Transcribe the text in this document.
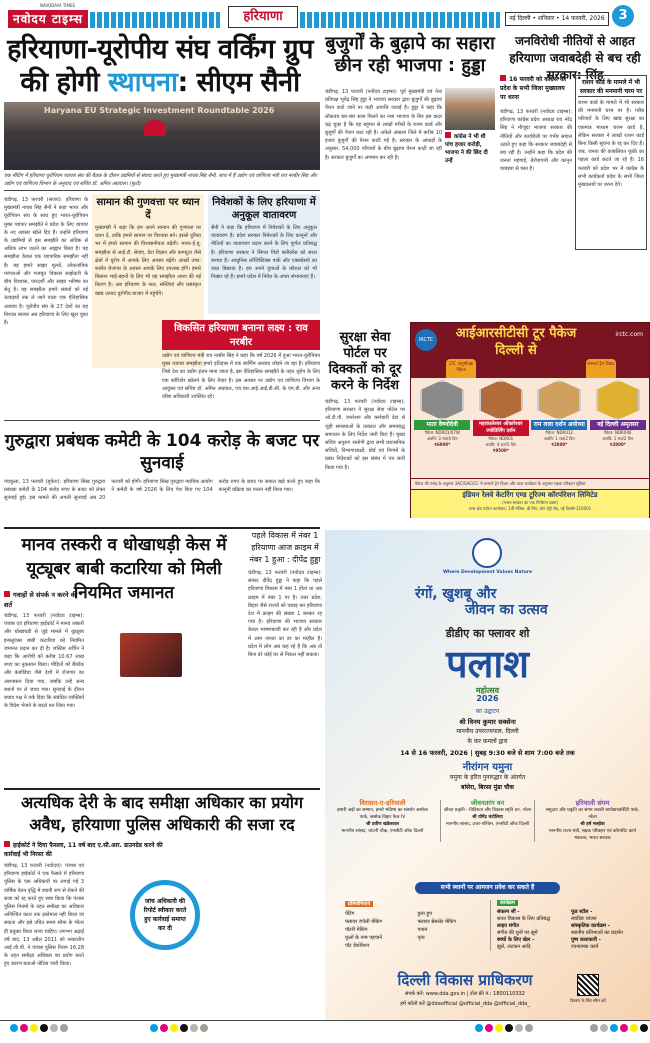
NAVODAYA TIMES
नवोदय टाइम्स	हरियाणा	नई दिल्ली • शनिवार • 14 फरवरी, 2026	3
हरियाणा-यूरोपीय संघ वर्किंग ग्रुप
की होगी स्थापना: सीएम सैनी
Haryana EU Strategic Investment Roundtable 2026
एक मीटिंग में हरियाणा यूरोपियन व्यापार संघ की बैठक के दौरान उद्यमियों से संवाद करते हुए मुख्यमंत्री नायब सिंह सैनी, साथ में हैं उद्योग एवं वाणिज्य मंत्री राव नरबीर सिंह और उद्योग एवं वाणिज्य विभाग के अनुवाद एवं सचिव डॉ. अमित अग्रवाल। (फूटो)
चंडीगढ़, 13 फरवरी (संजय): हरियाणा के मुख्यमंत्री नायब सिंह सैनी ने कहा भारत और यूरोपियन संघ के साथ हुए भारत-यूरोपियन मुक्त व्यापार समझौते ने प्रदेश के लिए व्यापार के नए अवसर खोले दिए हैं। उन्होंने हरियाणा के उद्यमियों से इस समझौते का अधिक से अधिक लाभ उठाने का आह्वान किया है। यह समझौता केवल एक व्यापारिक समझौता नहीं है। यह हमारे साझा मूल्यों, लोकतांत्रिक परंपराओं और मजबूत विकास साझेदारी के बीच विश्वास, पारदर्शी और साझा भविष्य का सेतु है। यह समझौता हमारे संबंधों को नई ऊंचाइयों तक ले जाने वाला एक ऐतिहासिक अध्याय है। यूरोपीय संघ के 27 देशों का यह विशाल बाजार अब हरियाणा के लिए खुल चुका है।
सामान की गुणवत्ता पर ध्यान दें
मुख्यमंत्री ने कहा कि हम अपने सामान की गुणवत्ता पर ध्यान दें, ताकि हमारे सामान पर विश्वास बने। इससे दुनिया भर में हमारे सामान की विश्वसनीयता बढ़ेगी। भारत-ई.यू. समझौता से आई.टी. सेवाएं, डेटा विज्ञान और कम्प्यूटर जैसे क्षेत्रों में यूरोप में आपके लिए अवसर बढ़ेंगे। लाखों उच्च-स्तरीय रोजगार के अवसर आपके लिए उपलब्ध होंगे। हमारे किसान भाई-बहनों के लिए भी यह समझौता आशा की नई किरण है। अब हरियाणा के फल, सब्जियां और प्रसंस्कृत खाद्य उत्पाद यूरोपीय बाजार में पहुंचेंगे।
निवेशकों के लिए हरियाणा में अनुकूल वातावरण
सैनी ने कहा कि हरियाणा में निवेशकों के लिए अनुकूल वातावरण है। प्रदेश सरकार निवेशकों के लिए कानूनों और नीतियों का वातावरण प्रदान करने के लिए पूर्णतः प्रतिबद्ध है। हरियाणा सरकार ने सिंगल विंडो क्लीयरेंस को सरल बनाया है। आधुनिक लॉजिस्टिक्स पार्क और एक्सप्रेसवे का जाल बिछाया है। हम अपने युवाओं के कौशल को भी निखार रहे हैं। हमारे प्रदेश में निवेश के अपार संभावनाएं हैं।
विकसित हरियाणा बनाना लक्ष्य : राव नरबीर
उद्योग एवं वाणिज्य मंत्री राव नरबीर सिंह ने कहा कि वर्ष 2026 में हुआ भारत-यूरोपियन मुक्त व्यापार समझौता हमारे इतिहास में एक स्वर्णिम अध्याय जोड़ने जा रहा है। हरियाणा जिसे देश का उद्योग इंजन माना जाता है, इस ऐतिहासिक समझौते के तहत यूरोप के लिए एक कॉरिडोर खोलने के लिए तैयार है। इस अवसर पर उद्योग एवं वाणिज्य विभाग के आयुक्त एवं सचिव डॉ. अमित अग्रवाल, एच.एस.आई.आई.डी.सी. के एम.डी. और अन्य वरिष्ठ अधिकारी उपस्थित रहे।
बुजुर्गों के बुढ़ापे का सहारा छीन रही भाजपा : हुड्डा
चंडीगढ़, 13 फरवरी (नवोदय टाइम्स): पूर्व मुख्यमंत्री एवं नेता प्रतिपक्ष भूपेंद्र सिंह हुड्डा ने भाजपा सरकार द्वारा बुजुर्गों की बुढ़ापा पेंशन काटे जाने पर कड़ी आपत्ति जताई है। हुड्डा ने कहा कि लोकतंत्र बार-बार सत्ता मिलने का नशा भाजपा के सिर इस कदर चढ़ चुका है कि वह बहुमत से लाखों गरीबों के राशन कार्ड और बुजुर्गों की पेंशन काट रही है। अकेले अंबाला जिले में करीब 10 हजार बुजुर्गों की पेंशन काटी गई है। सरकार के आंकड़ों के अनुसार, 54,000 परिवारों के बीच बुढ़ापा पेंशन काटी जा रही है। सरकार बुजुर्गों का अपमान कर रही है।
कांग्रेस ने भी थी पांच हजार करोड़ी, भाजपा ने की छिंद दी उन्हें
जनविरोधी नीतियों से आहत हरियाणा जवाबदेही से बच रही सरकार: सिंह
16 फरवरी को कांग्रेस का प्रदेश के सभी जिला मुख्यालय पर धरना
चंडीगढ़, 13 फरवरी (नवोदय टाइम्स): हरियाणा कांग्रेस प्रदेश अध्यक्ष राव नरेंद्र सिंह ने मौजूदा भाजपा सरकार की नीतियों और कार्यशैली पर गंभीर सवाल उठाते हुए कहा कि सरकार जवाबदेही से बच रही है। उन्होंने कहा कि प्रदेश की जनता महंगाई, बेरोजगारी और कानून व्यवस्था से त्रस्त है।
राशन कार्ड के मामले में भी सरकार की मनमानी चरम पर
राशन कार्ड के मामले में भी सरकार की मनमानी चरम पर है। गरीब परिवारों के लिए खाद्य सुरक्षा का एकमात्र माध्यम राशन कार्ड है, लेकिन सरकार ने लाखों राशन कार्ड बिना किसी सूचना के रद्द कर दिए हैं। जब, जनता की काबलियत फूंकी का पहला कार्ड कटते जा रहे हैं। 16 फरवरी को प्रदेश भर में कांग्रेस के सभी कार्यकर्ता प्रदेश के सभी जिला मुख्यालयों पर धरना देंगे।
सुरक्षा सेवा पोर्टल पर दिक्कतों को दूर करने के निर्देश
चंडीगढ़, 13 फरवरी (नवोदय टाइम्स): हरियाणा सरकार ने सुरक्षा सेवा पोर्टल पर ओ.टी.पी. जनरेशन और कर्मचारी डेटा से जुड़ी समस्याओं के तत्काल और समयबद्ध समाधान के लिए निर्देश जारी किए हैं। मुख्य सचिव अनुराग रस्तोगी द्वारा सभी प्रशासनिक सचिवों, विभागाध्यक्षों, बोर्ड एवं निगमों के प्रबंध निदेशकों को इस संबंध में पत्र जारी किया गया है।
IRCTC	आईआरसीटीसी टूर पैकेज
दिल्ली से
irctc.com
LTC अनुमोदक पैकेज
कम्फर्ट ट्रेन टिकट
माता वैष्णोदेवी
पैकेज: NDR01/07W
अवधि: 3 रात/4 दिन
₹6900*
महाकालेश्वर ओंकारेश्वर ज्योतिर्लिंग दर्शन
पैकेज: NDR01
अवधि: 4 रात/5 दिन
₹9500*
राम लला दर्शन अयोध्या
पैकेज: NDR012
अवधि: 1 रात/2 दिन
₹2800*
नई दिल्ली अमृतसर
पैकेज: NDR046
अवधि: 1 रात/2 दिन
₹3800*
पैकेज की पसंद के अनुसार 3AC/SAC/CC में कन्फर्म ट्रेन टिकट और यात्रा कार्यक्रम के अनुसार सड़क परिवहन सुविधा
इंडियन रेलवे केटरिंग एण्ड टूरिज्म कॉरपोरेशन लिमिटेड
(भारत सरकार का एक मिनीरत्न उद्यम)
उत्तर क्षेत्र पर्यटन कार्यालय: 1वीं मंजिल, बी विंग, स्टेट एंट्री रोड, नई दिल्ली-110001
गुरुद्वारा प्रबंधक कमेटी के 104 करोड़ के बजट पर सुनवाई
पंचकूला, 13 फरवरी (मुकेश): हरियाणा सिख गुरुद्वारा प्रबंधक कमेटी के 104 करोड़ रुपए के बजट को लेकर सुनवाई हुई। इस मामले की अगली सुनवाई अब 20 फरवरी को होगी। हरियाणा सिख गुरुद्वारा न्यायिक आयोग ने कमेटी के वर्ष 2026 के लिए पेश किए गए 104 करोड़ रुपए के बजट पर सवाल खड़े करते हुए कहा कि कानूनी प्रक्रिया का पालन नहीं किया गया।
मानव तस्करी व धोखाधड़ी केस में यूट्यूबर बाबी कटारिया को मिली नियमित जमानत
गवाहों से संपर्क न करने की शर्त
चंडीगढ़, 13 फरवरी (नवोदय टाइम्स): पंजाब एवं हरियाणा हाईकोर्ट ने मानव तस्करी और धोखाधड़ी से जुड़े मामले में यूट्यूबर इन्फ्लुएंसर बाबी कटारिया को नियमित जमानत प्रदान कर दी है। जस्टिस अर्चिन ने कहा कि आरोपी को करीब 10.67 लाख रुपए का नुकसान किया। पीड़ितों को बैंकॉक और कंबोडिया जैसे देशों में रोजगार का आश्वासन दिया गया, जबकि उन्हें अन्य स्थानों पर ले जाया गया। सुनवाई के दौरान बचाव पक्ष ने तर्क दिया कि संबंधित व्यक्तियों के विदेश भेजने के बदले धन लिया गया।
पहले विकास में नंबर 1 हरियाणा आज क्राइम में नंबर 1 हुआ : दीपेंद्र हुड्डा
चंडीगढ़, 13 फरवरी (नवोदय टाइम्स): सांसद दीपेंद्र हुड्डा ने कहा कि पहले हरियाणा विकास में नंबर 1 होता था अब क्राइम में नंबर 1 पर है। उत्तर प्रदेश, बिहार जैसे राज्यों को पछाड़ कर हरियाणा देश में क्राइम की संख्या 1 बनकर रह गया है। हरियाणा की भाजपा सरकार केवल भाषणबाजी कर रही है और प्रदेश में आम जनता का डर का माहौल है। प्रदेश में लोग अब कह रहे हैं कि अब तो बिना डरे कोई घर से निकल नहीं सकता।
अत्यधिक देरी के बाद समीक्षा अधिकार का प्रयोग
अवैध, हरियाणा पुलिस अधिकारी की सजा रद
हाईकोर्ट ने दिया फैसला, 11 वर्ष बाद ए.सी.आर. डाउनग्रेड करने की कार्रवाई भी निरस्त की
चंडीगढ़, 13 फरवरी (नवोदय): पंजाब एवं हरियाणा हाईकोर्ट ने एक फैसले में हरियाणा पुलिस के एक अधिकारी पर लगाई गई 3 वार्षिक वेतन वृद्धि में स्थायी रूप से रोकने की सजा को रद्द करते हुए स्पष्ट किया कि पंजाब पुलिस नियमों के तहत समीक्षा का अधिकार अनिश्चित काल तक इस्तेमाल नहीं किया जा सकता और इसे उचित समय सीमा के भीतर ही प्रयुक्त किया जाना चाहिए। लगभग अढ़ाई वर्ष बाद, 13 अप्रैल 2011 को तत्कालीन आई.जी.पी. ने पंजाब पुलिस नियम 16.28 के तहत समीक्षा अधिकार का प्रयोग करते हुए कारण बताओ नोटिस जारी किया।
जांच अधिकारी की रिपोर्ट स्वीकार करते हुए कार्रवाई समाप्त कर दी
Where Development Values Nature
रंगों, खुशबू और
जीवन का उत्सव
डीडीए का फ्लावर शो
पलाश
महोत्सव
2026
का उद्घाटन
श्री विनय कुमार सक्सेना
माननीय उपराज्यपाल, दिल्ली
के कर कमलों द्वारा
14 से 16 फरवरी, 2026 | सुबह 9:30 बजे से शाम 7:00 बजे तक
नीरांगन यमुना
यमुना के हरित पुनरुद्धार के अंतर्गत
बांसेरा, बिरसा मुंडा चौक
विरासत-ए-हरियाली
हमारी जड़ों का सम्मान, हमारे भविष्य का संवर्धन असोला पार्क, असोक विहार फेज IV
श्री प्रवीण खंडेलवाल
माननीय सांसद, चांदनी चौक, एनसीटी ऑफ दिल्ली
जीवनतरंग वन
जीवंत प्रकृति - विविधता और विकास स्मृति वन, नरेला
श्री योगेंद्र चंदोलिया
माननीय सांसद, उत्तर-पश्चिम, एनसीटी ऑफ दिल्ली
हरियाली संगम
समुदाय और प्रकृति का संगम लवली बायोडायवर्सिटी पार्क, नरेला
श्री हर्ष मल्होत्रा
माननीय राज्य मंत्री, सड़क परिवहन एवं कॉरपोरेट कार्य मंत्रालय, भारत सरकार
सभी स्थानों पर आमजन प्रवेश कर सकते हैं
प्रतियोगिताएं
पेंटिंग
फ्लावर रंगोली मेकिंग
पॉटरी मेकिंग
फूलों के नाम पहचानें
पॉट डेकोरेशन
हुला हूप
फ्लावर ब्रेसलेट मेकिंग
गायन
नृत्य
कार्यक्रम
संकल्प सीं -
सतत विकास के लिए प्रतिबद्ध
लाइव संगीत
संगीत की धुनों पर झूमें
बच्चों के लिए खेल -
झूले, लटकन आदि
फूड स्टॉल -
स्वादिष्ट व्यंजन
सांस्कृतिक कार्यक्रम -
स्थानीय प्रतिभाओं का प्रदर्शन
पुष्प कलाकारी -
रचनात्मक कार्य
दिल्ली विकास प्राधिकरण
संपर्क करें: www.dda.gov.in | टोल फ्री नं.: 1800110332
हमें फॉलो करें @ddaofficial @official_dda @official_dda_
विवरण के लिए स्कैन करें
